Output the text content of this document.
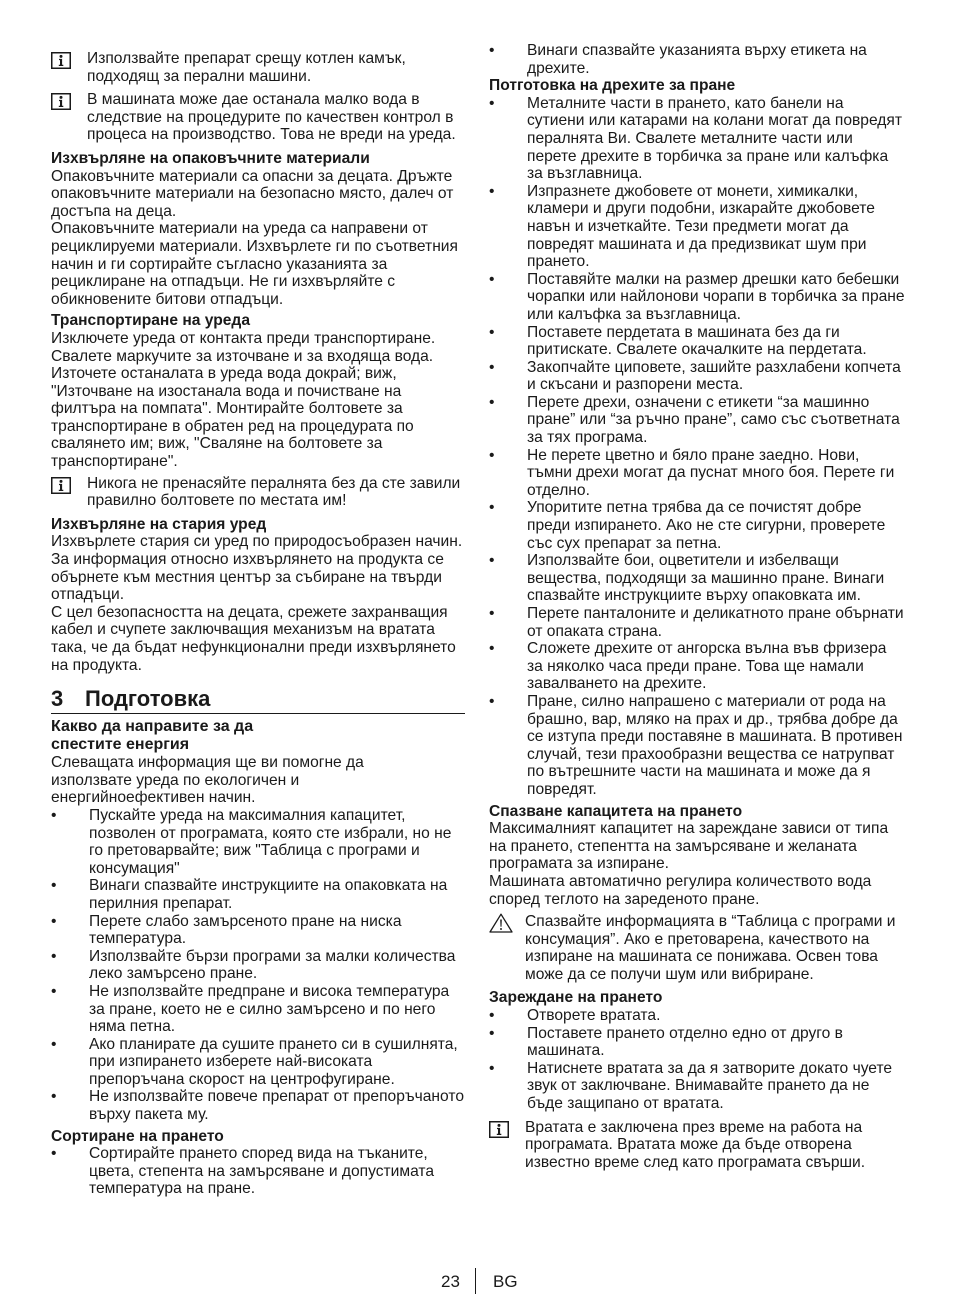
Използвайте препарат срещу котлен камък, подходящ за перални машини.

В машината може дае останала малко вода в следствие на процедурите по качествен контрол в процеса на производство. Това не вреди на уреда.

Изхвърляне на опаковъчните материали

Опаковъчните материали са опасни за децата. Дръжте опаковъчните материали на безопасно място, далеч от достъпа на деца.

Опаковъчните материали на уреда са направени от рециклируеми материали. Изхвърлете ги по съответния начин и ги сортирайте съгласно указанията за рециклиране на отпадъци. Не ги изхвърляйте с обикновените битови отпадъци.

Транспортиране на уреда

Изключете уреда от контакта преди транспортиране. Свалете маркучите за източване и за входяща вода. Източете останалата в уреда вода докрай; виж, "Източване на изостанала вода и почистване на филтъра на помпата". Монтирайте болтовете за транспортиране в обратен ред на процедурата по свалянето им; виж, "Сваляне на болтовете за транспортиране".

Никога не пренасяйте пералнята без да сте завили правилно болтовете по местата им!

Изхвърляне на стария уред

Изхвърлете стария си уред по природосъобразен начин.

За информация относно изхвърлянето на продукта се обърнете към местния център за събиране на твърди отпадъци.

С цел безопасността на децата, срежете захранващия кабел и счупете заключващия механизъм на вратата така, че да бъдат нефункционални преди изхвърлянето на продукта.

3 Подготовка

Какво да направите за да спестите енергия

Слеващата информация ще ви помогне да използвате уреда по екологичен и енергийноефективен начин.

• Пускайте уреда на максималния капацитет, позволен от програмата, която сте избрали, но не го претоварвайте; виж "Таблица с програми и консумация"
• Винаги спазвайте инструкциите на опаковката на перилния препарат.
• Перете слабо замърсеното пране на ниска температура.
• Използвайте бързи програми за малки количества леко замърсено пране.
• Не използвайте предпране и висока температура за пране, което не е силно замърсено и по него няма петна.
• Ако планирате да сушите прането си в сушилнята, при изпирането изберете най-високата препоръчана скорост на центрофугиране.
• Не използвайте повече препарат от препоръчаното върху пакета му.

Сортиране на прането

• Сортирайте прането според вида на тъканите, цвета, степента на замърсяване и допустимата температура на пране.
• Винаги спазвайте указанията върху етикета на дрехите.

Потготовка на дрехите за пране

• Металните части в прането, като банели на сутиени или катарами на колани могат да повредят пералнята Ви. Свалете металните части или перете дрехите в торбичка за пране или калъфка за възглавница.
• Изпразнете джобовете от монети, химикалки, кламери и други подобни, изкарайте джобовете навън и изчеткайте. Тези предмети могат да повредят машината и да предизвикат шум при прането.
• Поставяйте малки на размер дрешки като бебешки чорапки или найлонови чорапи в торбичка за пране или калъфка за възглавница.
• Поставете пердетата в машината без да ги притискате. Свалете окачалките на пердетата.
• Закопчайте циповете, зашийте разхлабени копчета и скъсани и разпорени места.
• Перете дрехи, означени с етикети “за машинно пране” или “за ръчно пране”, само със съответната за тях програма.
• Не перете цветно и бяло пране заедно. Нови, тъмни дрехи могат да пуснат много боя. Перете ги отделно.
• Упоритите петна трябва да се почистят добре преди изпирането. Ако не сте сигурни, проверете със сух препарат за петна.
• Използвайте бои, оцветители и избелващи вещества, подходящи за машинно пране. Винаги спазвайте инструкциите върху опаковката им.
• Перете панталоните и деликатното пране обърнати от опаката страна.
• Сложете дрехите от ангорска вълна във фризера за няколко часа преди пране. Това ще намали завалването на дрехите.
• Пране, силно напрашено с материали от рода на брашно, вар, мляко на прах и др., трябва добре да се изтупа преди поставяне в машината. В противен случай, тези прахообразни вещества се натрупват по вътрешните части на машината и може да я повредят.

Спазване капацитета на прането

Максималният капацитет на зареждане зависи от типа на прането, степентта на замърсяване и желаната програмата за изпиране.

Машината автоматично регулира количеството вода според теглото на зареденото пране.

Спазвайте информацията в “Таблица с програми и консумация”. Ако е претоварена, качеството на изпиране на машината се понижава. Освен това може да се получи шум или вибриране.

Зареждане на прането

• Отворете вратата.
• Поставете прането отделно едно от друго в машината.
• Натиснете вратата за да я затворите докато чуете звук от заключване. Внимавайте прането да не бъде защипано от вратата.

Вратата е заключена през време на работа на програмата. Вратата може да бъде отворена известно време след като програмата свърши.

23 BG
